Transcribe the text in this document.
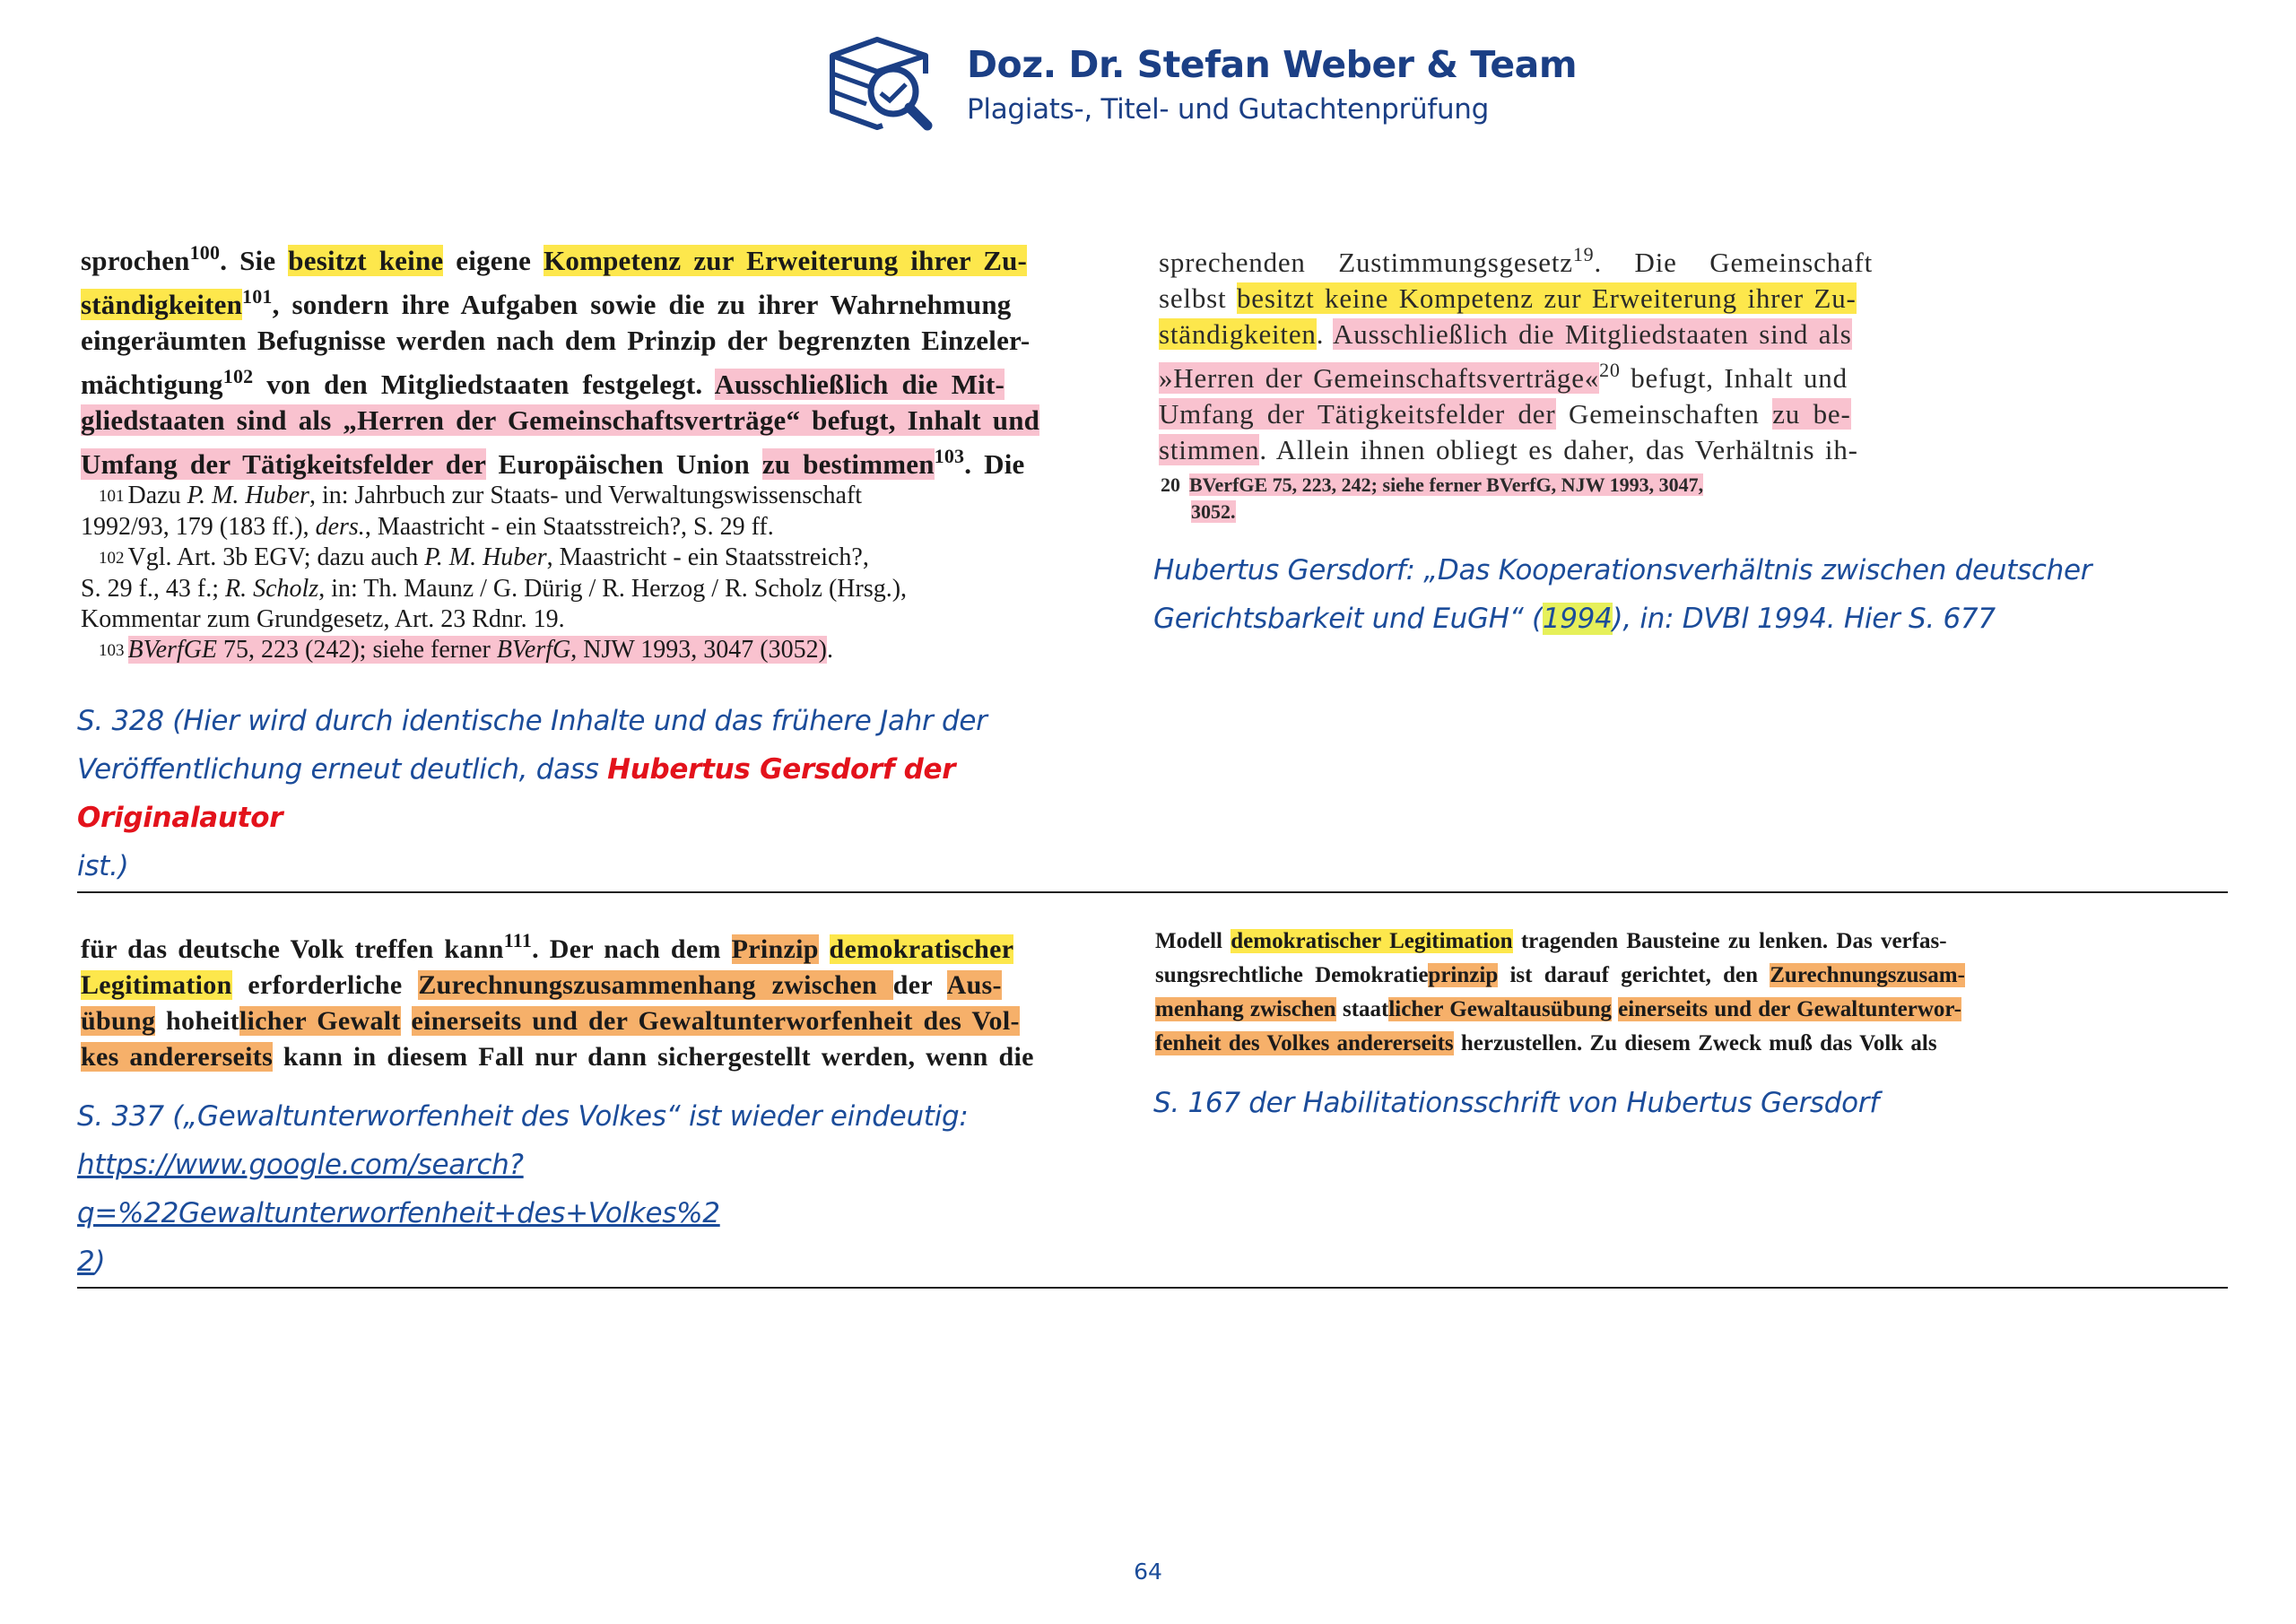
Doz. Dr. Stefan Weber & Team
Plagiats-, Titel- und Gutachtenprüfung

sprochen$^{100}$. Sie besitzt keine eigene Kompetenz zur Erweiterung ihrer Zu-

ständigkeiten$^{101}$, sondern ihre Aufgaben sowie die zu ihrer Wahrnehmung

eingeräumten Befugnisse werden nach dem Prinzip der begrenzten Einzeler-

mächtigung$^{102}$ von den Mitgliedstaaten festgelegt. Ausschließlich die Mit-

gliedstaaten sind als „Herren der Gemeinschaftsverträge“ befugt, Inhalt und

Umfang der Tätigkeitsfelder der Europäischen Union zu bestimmen$^{103}$. Die

101 Dazu P. M. Huber, in: Jahrbuch zur Staats- und Verwaltungswissenschaft

1992/93, 179 (183 ff.), ders., Maastricht - ein Staatsstreich?, S. 29 ff.

102 Vgl. Art. 3b EGV; dazu auch P. M. Huber, Maastricht - ein Staatsstreich?,

S. 29 f., 43 f.; R. Scholz, in: Th. Maunz / G. Dürig / R. Herzog / R. Scholz (Hrsg.),

Kommentar zum Grundgesetz, Art. 23 Rdnr. 19.

103 BVerfGE 75, 223 (242); siehe ferner BVerfG, NJW 1993, 3047 (3052).

S. 328 (Hier wird durch identische Inhalte und das frühere Jahr der
Veröffentlichung erneut deutlich, dass Hubertus Gersdorf der Originalautor
ist.)

sprechenden Zustimmungsgesetz$^{19}$. Die Gemeinschaft

selbst besitzt keine Kompetenz zur Erweiterung ihrer Zu-

ständigkeiten. Ausschließlich die Mitgliedstaaten sind als

»Herren der Gemeinschaftsverträge«$^{20}$ befugt, Inhalt und

Umfang der Tätigkeitsfelder der Gemeinschaften zu be-

stimmen. Allein ihnen obliegt es daher, das Verhältnis ih-

20 BVerfGE 75, 223, 242; siehe ferner BVerfG, NJW 1993, 3047,

3052.

Hubertus Gersdorf: „Das Kooperationsverhältnis zwischen deutscher
Gerichtsbarkeit und EuGH“ (1994), in: DVBl 1994. Hier S. 677

für das deutsche Volk treffen kann$^{111}$. Der nach dem Prinzip demokratischer

Legitimation erforderliche Zurechnungszusammenhang zwischen der Aus-

übung hoheitlicher Gewalt einerseits und der Gewaltunterworfenheit des Vol-

kes andererseits kann in diesem Fall nur dann sichergestellt werden, wenn die

S. 337 („Gewaltunterworfenheit des Volkes“ ist wieder eindeutig:
https://www.google.com/search?q=%22Gewaltunterworfenheit+des+Volkes%2
2)

Modell demokratischer Legitimation tragenden Bausteine zu lenken. Das verfas-

sungsrechtliche Demokratieprinzip ist darauf gerichtet, den Zurechnungszusam-

menhang zwischen staatlicher Gewaltausübung einerseits und der Gewaltunterwor-

fenheit des Volkes andererseits herzustellen. Zu diesem Zweck muß das Volk als

S. 167 der Habilitationsschrift von Hubertus Gersdorf
64
